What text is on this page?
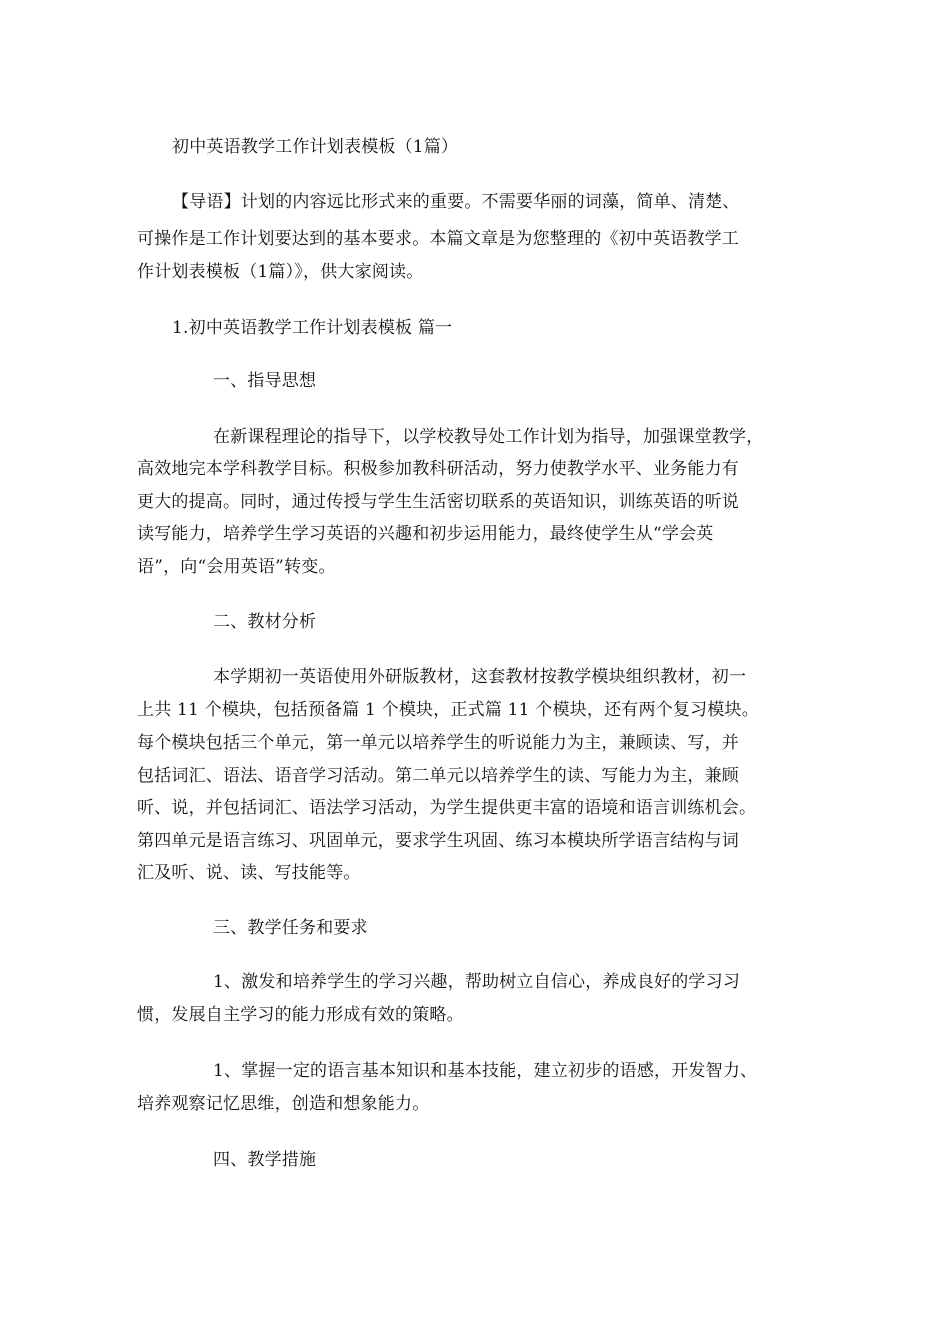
初中英语教学工作计划表模板（1篇）
【导语】计划的内容远比形式来的重要。不需要华丽的词藻，简单、清楚、
可操作是工作计划要达到的基本要求。本篇文章是为您整理的《初中英语教学工
作计划表模板（1篇）》，供大家阅读。
1.初中英语教学工作计划表模板 篇一
一、指导思想
在新课程理论的指导下，以学校教导处工作计划为指导，加强课堂教学，
高效地完本学科教学目标。积极参加教科研活动，努力使教学水平、业务能力有
更大的提高。同时，通过传授与学生生活密切联系的英语知识，训练英语的听说
读写能力，培养学生学习英语的兴趣和初步运用能力，最终使学生从“学会英
语”，向“会用英语”转变。
二、教材分析
本学期初一英语使用外研版教材，这套教材按教学模块组织教材，初一
上共 11 个模块，包括预备篇 1 个模块，正式篇 11 个模块，还有两个复习模块。
每个模块包括三个单元，第一单元以培养学生的听说能力为主，兼顾读、写，并
包括词汇、语法、语音学习活动。第二单元以培养学生的读、写能力为主，兼顾
听、说，并包括词汇、语法学习活动，为学生提供更丰富的语境和语言训练机会。
第四单元是语言练习、巩固单元，要求学生巩固、练习本模块所学语言结构与词
汇及听、说、读、写技能等。
三、教学任务和要求
1、激发和培养学生的学习兴趣，帮助树立自信心，养成良好的学习习
惯，发展自主学习的能力形成有效的策略。
1、掌握一定的语言基本知识和基本技能，建立初步的语感，开发智力、
培养观察记忆思维，创造和想象能力。
四、教学措施
